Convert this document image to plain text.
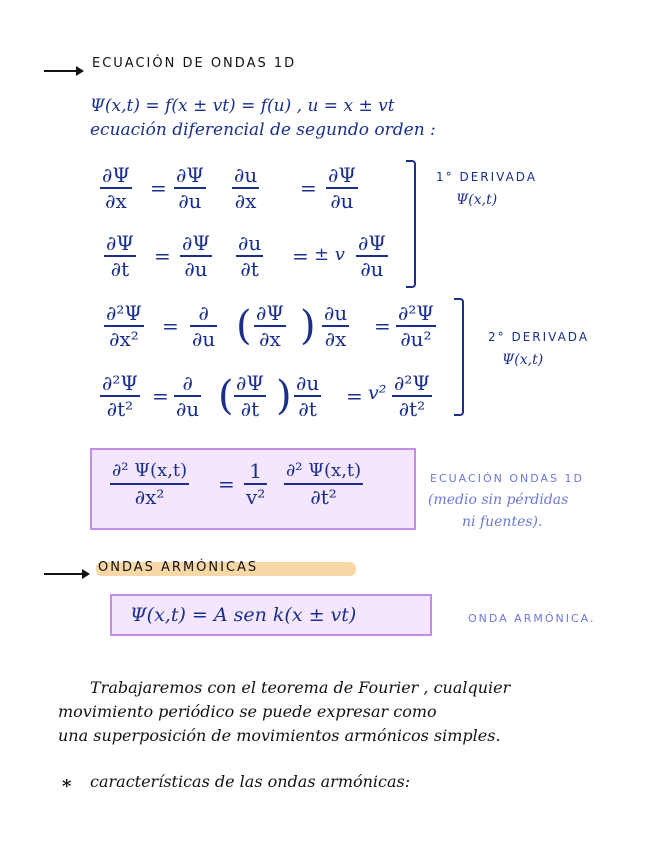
ECUACIÓN DE ONDAS 1D
Ψ(x,t) = f(x ± vt) = f(u) , u = x ± vt
ecuación diferencial de segundo orden :
∂Ψ
∂x
=
∂Ψ
∂u
∂u
∂x
=
∂Ψ
∂u
∂Ψ
∂t
=
∂Ψ
∂u
∂u
∂t
= ± v ∂Ψ
∂u
1° DERIVADA
Ψ(x,t)
∂²Ψ
∂x²
=
∂
∂u ( ∂Ψ
∂x ) ∂u
∂x
=
∂²Ψ
∂u²
∂²Ψ
∂t²
=
∂
∂u ( ∂Ψ
∂t ) ∂u
∂t
= v² ∂²Ψ
∂t²
2° DERIVADA
Ψ(x,t)
∂² Ψ(x,t)
∂x²
=
1
v²
∂² Ψ(x,t)
∂t²
ECUACIÓN ONDAS 1D
(medio sin pérdidas
ni fuentes).
ONDAS ARMÓNICAS
Ψ(x,t) = A sen k(x ± vt)	ONDA ARMÓNICA.
Trabajaremos con el teorema de Fourier , cualquier
movimiento periódico se puede expresar como
una superposición de movimientos armónicos simples.
* características de las ondas armónicas:
